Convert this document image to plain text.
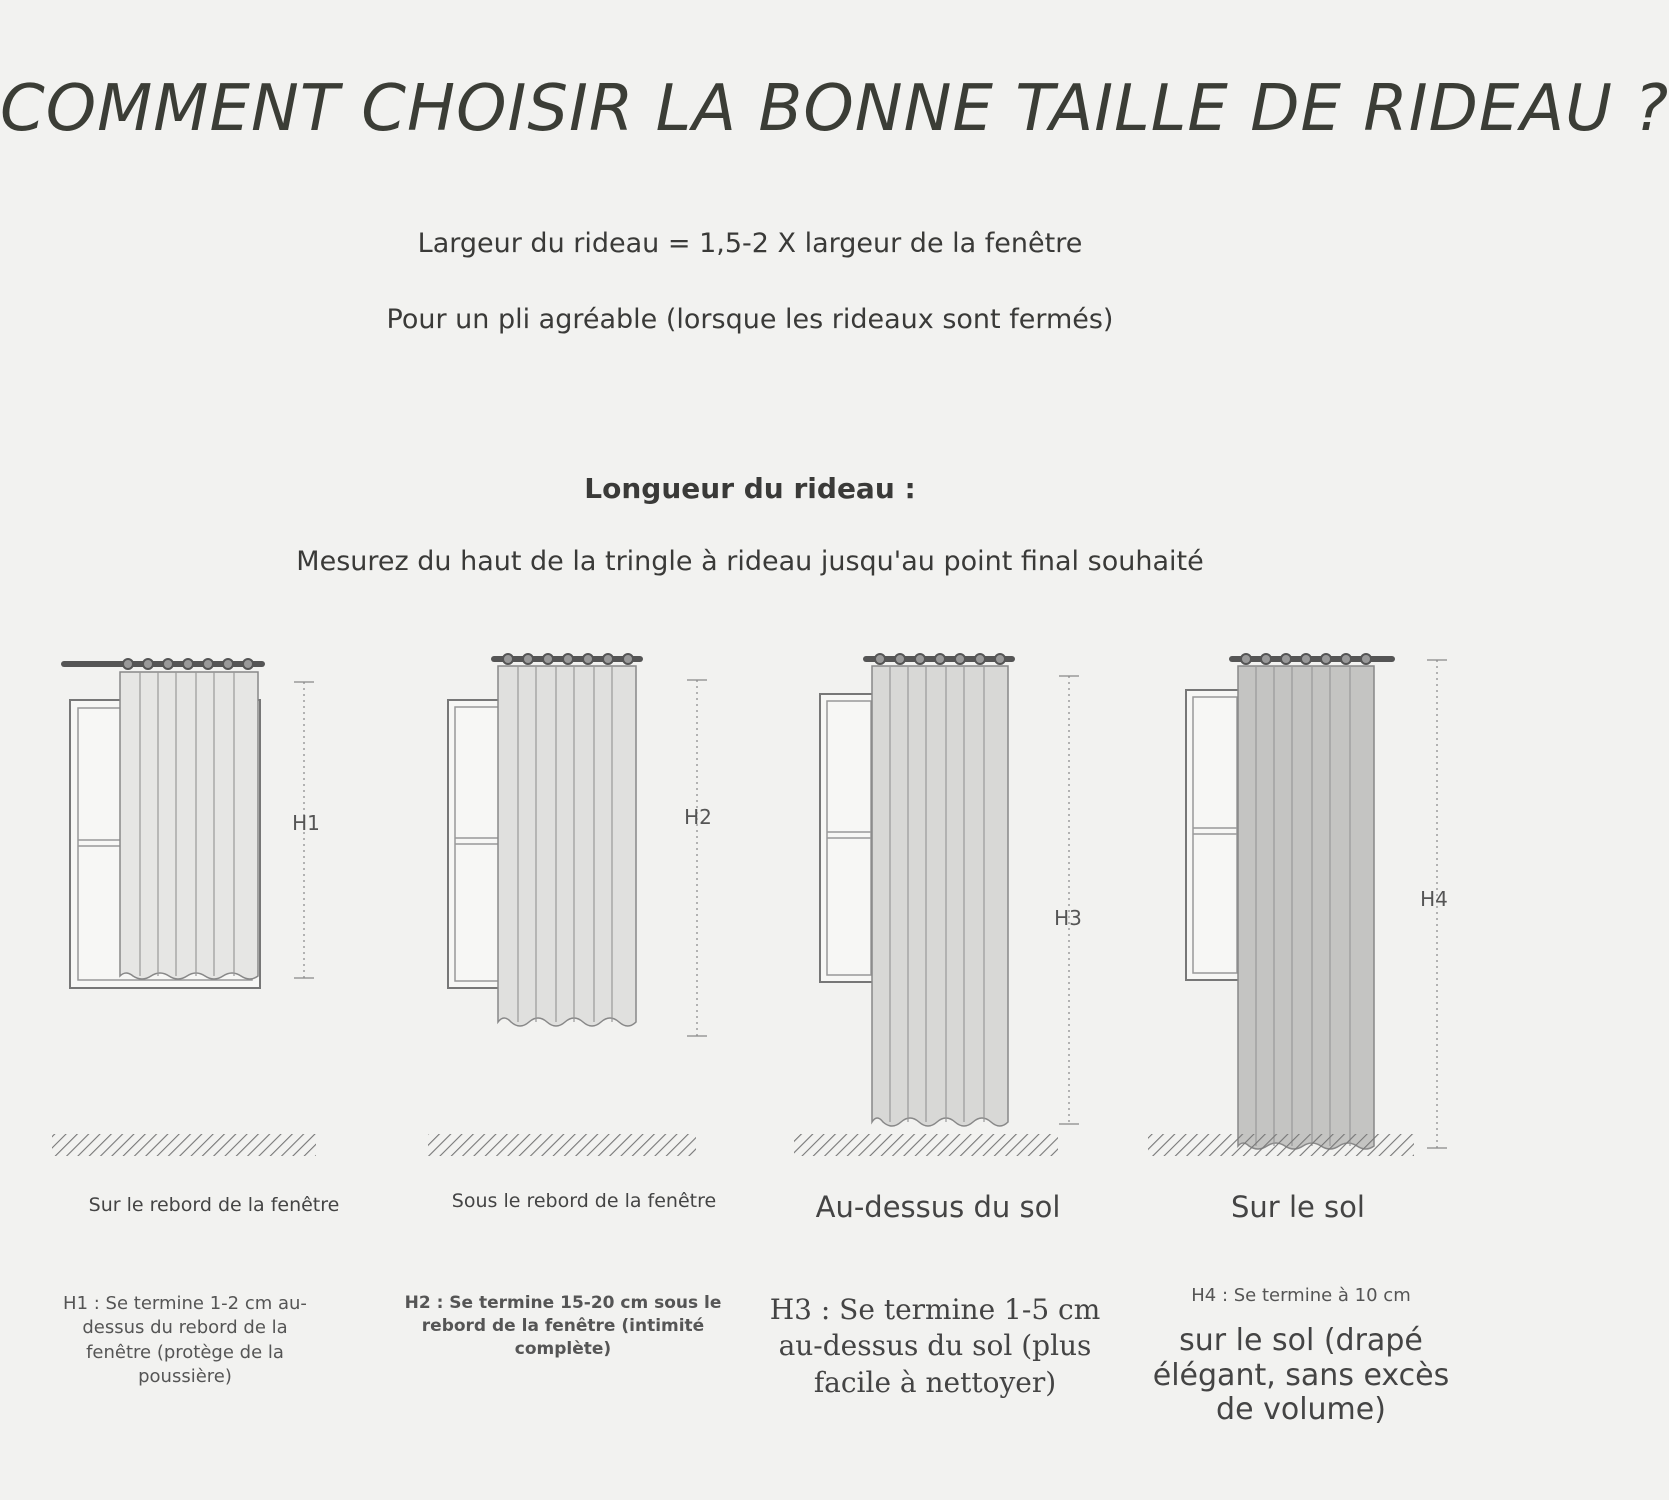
COMMENT CHOISIR LA BONNE TAILLE DE RIDEAU ?
Largeur du rideau = 1,5-2 X largeur de la fenêtre
Pour un pli agréable (lorsque les rideaux sont fermés)
Longueur du rideau :
Mesurez du haut de la tringle à rideau jusqu'au point final souhaité
H1	H2
H3
H4
Sur le rebord de la fenêtre	Sous le rebord de la fenêtre	Au-dessus du sol	Sur le sol
H1 : Se termine 1-2 cm au-dessus du rebord de la fenêtre (protège de la poussière)
H2 : Se termine 15-20 cm sous le rebord de la fenêtre (intimité complète)
H3 : Se termine 1-5 cm au-dessus du sol (plus facile à nettoyer)
H4 : Se termine à 10 cm
sur le sol (drapé élégant, sans excès de volume)
